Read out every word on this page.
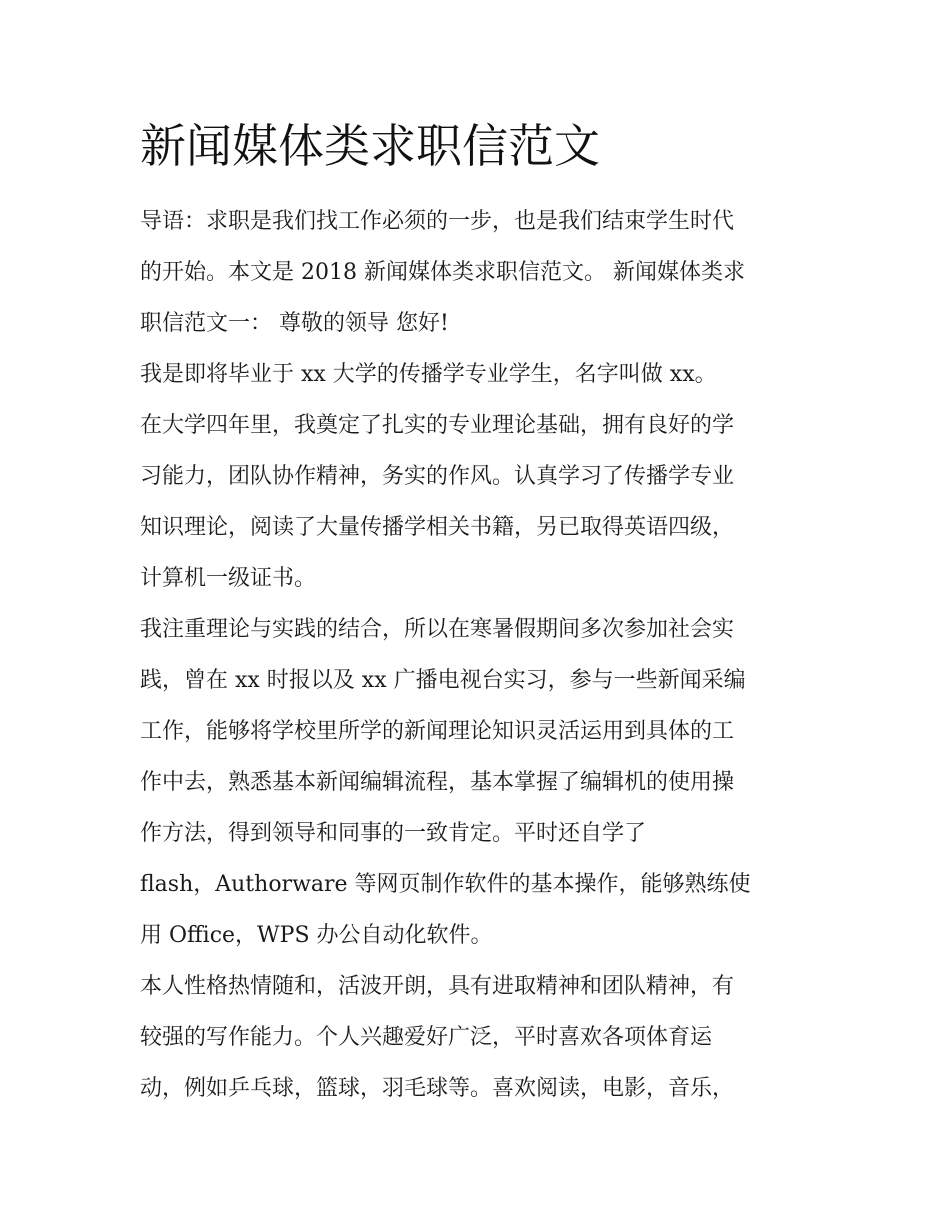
新闻媒体类求职信范文

导语：求职是我们找工作必须的一步，也是我们结束学生时代

的开始。本文是 2018 新闻媒体类求职信范文。 新闻媒体类求

职信范文一： 尊敬的领导 您好!

我是即将毕业于 xx 大学的传播学专业学生，名字叫做 xx。

在大学四年里，我奠定了扎实的专业理论基础，拥有良好的学

习能力，团队协作精神，务实的作风。认真学习了传播学专业

知识理论，阅读了大量传播学相关书籍，另已取得英语四级，

计算机一级证书。

我注重理论与实践的结合，所以在寒暑假期间多次参加社会实

践，曾在 xx 时报以及 xx 广播电视台实习，参与一些新闻采编

工作，能够将学校里所学的新闻理论知识灵活运用到具体的工

作中去，熟悉基本新闻编辑流程，基本掌握了编辑机的使用操

作方法，得到领导和同事的一致肯定。平时还自学了

flash，Authorware 等网页制作软件的基本操作，能够熟练使

用 Office，WPS 办公自动化软件。

本人性格热情随和，活波开朗，具有进取精神和团队精神，有

较强的写作能力。个人兴趣爱好广泛，平时喜欢各项体育运

动，例如乒乓球，篮球，羽毛球等。喜欢阅读，电影，音乐，
